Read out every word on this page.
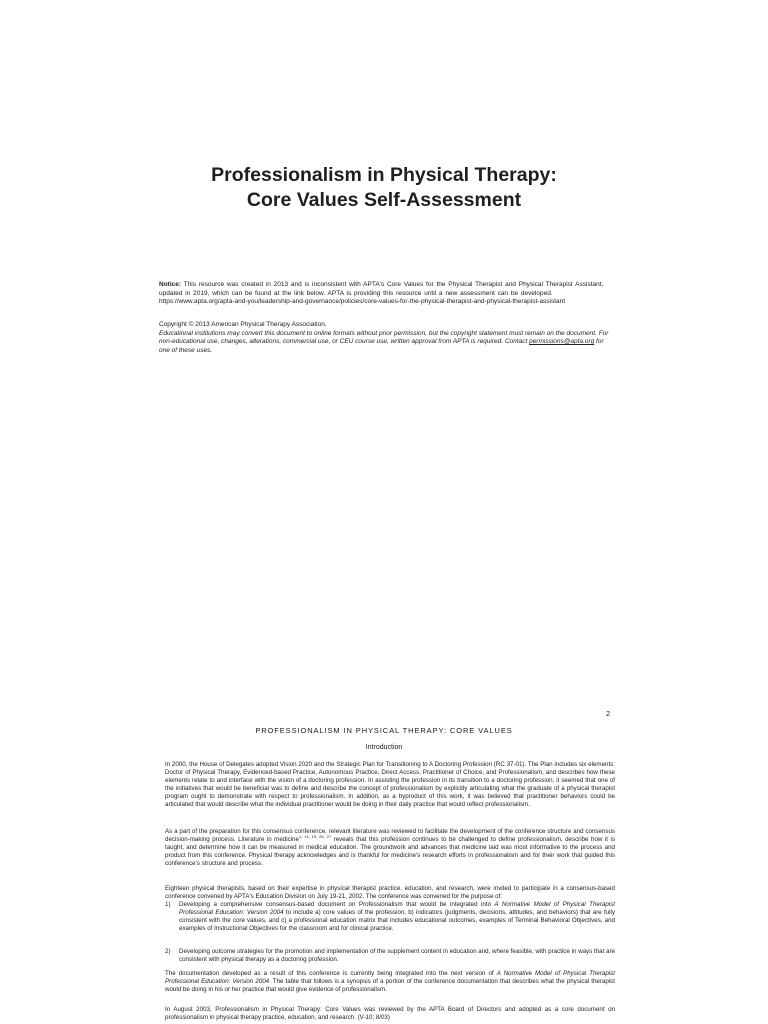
Professionalism in Physical Therapy:
Core Values Self-Assessment
Notice: This resource was created in 2013 and is inconsistent with APTA's Core Values for the Physical Therapist and Physical Therapist Assistant, updated in 2019, which can be found at the link below. APTA is providing this resource until a new assessment can be developed.
https://www.apta.org/apta-and-you/leadership-and-governance/policies/core-values-for-the-physical-therapist-and-physical-therapist-assistant
Copyright © 2013 American Physical Therapy Association.
Educational institutions may convert this document to online formats without prior permission, but the copyright statement must remain on the document. For non-educational use, changes, alterations, commercial use, or CEU course use, written approval from APTA is required. Contact permissions@apta.org for one of these uses.
2
PROFESSIONALISM IN PHYSICAL THERAPY: CORE VALUES
Introduction
In 2000, the House of Delegates adopted Vision 2020 and the Strategic Plan for Transitioning to A Doctoring Profession (RC 37-01). The Plan includes six elements: Doctor of Physical Therapy, Evidenced-based Practice, Autonomous Practice, Direct Access, Practitioner of Choice, and Professionalism, and describes how these elements relate to and interface with the vision of a doctoring profession. In assisting the profession in its transition to a doctoring profession, it seemed that one of the initiatives that would be beneficial was to define and describe the concept of professionalism by explicitly articulating what the graduate of a physical therapist program ought to demonstrate with respect to professionalism. In addition, as a byproduct of this work, it was believed that practitioner behaviors could be articulated that would describe what the individual practitioner would be doing in their daily practice that would reflect professionalism.
As a part of the preparation for this consensus conference, relevant literature was reviewed to facilitate the development of the conference structure and consensus decision-making process. Literature in medicine$^{1, 14, 19, 25, 27}$ reveals that this profession continues to be challenged to define professionalism, describe how it is taught, and determine how it can be measured in medical education. The groundwork and advances that medicine laid was most informative to the process and product from this conference. Physical therapy acknowledges and is thankful for medicine's research efforts in professionalism and for their work that guided this conference's structure and process.
Eighteen physical therapists, based on their expertise in physical therapist practice, education, and research, were invited to participate in a consensus-based conference convened by APTA's Education Division on July 19-21, 2002. The conference was convened for the purpose of:
1)	Developing a comprehensive consensus-based document on Professionalism that would be integrated into A Normative Model of Physical Therapist Professional Education: Version 2004 to include a) core values of the profession, b) indicators (judgments, decisions, attitudes, and behaviors) that are fully consistent with the core values, and c) a professional education matrix that includes educational outcomes, examples of Terminal Behavioral Objectives, and examples of Instructional Objectives for the classroom and for clinical practice.
2)	Developing outcome strategies for the promotion and implementation of the supplement content in education and, where feasible, with practice in ways that are consistent with physical therapy as a doctoring profession.
The documentation developed as a result of this conference is currently being integrated into the next version of A Normative Model of Physical Therapist Professional Education: Version 2004. The table that follows is a synopsis of a portion of the conference documentation that describes what the physical therapist would be doing in his or her practice that would give evidence of professionalism.
In August 2003, Professionalism in Physical Therapy: Core Values was reviewed by the APTA Board of Directors and adopted as a core document on professionalism in physical therapy practice, education, and research. (V-10; 8/03)
